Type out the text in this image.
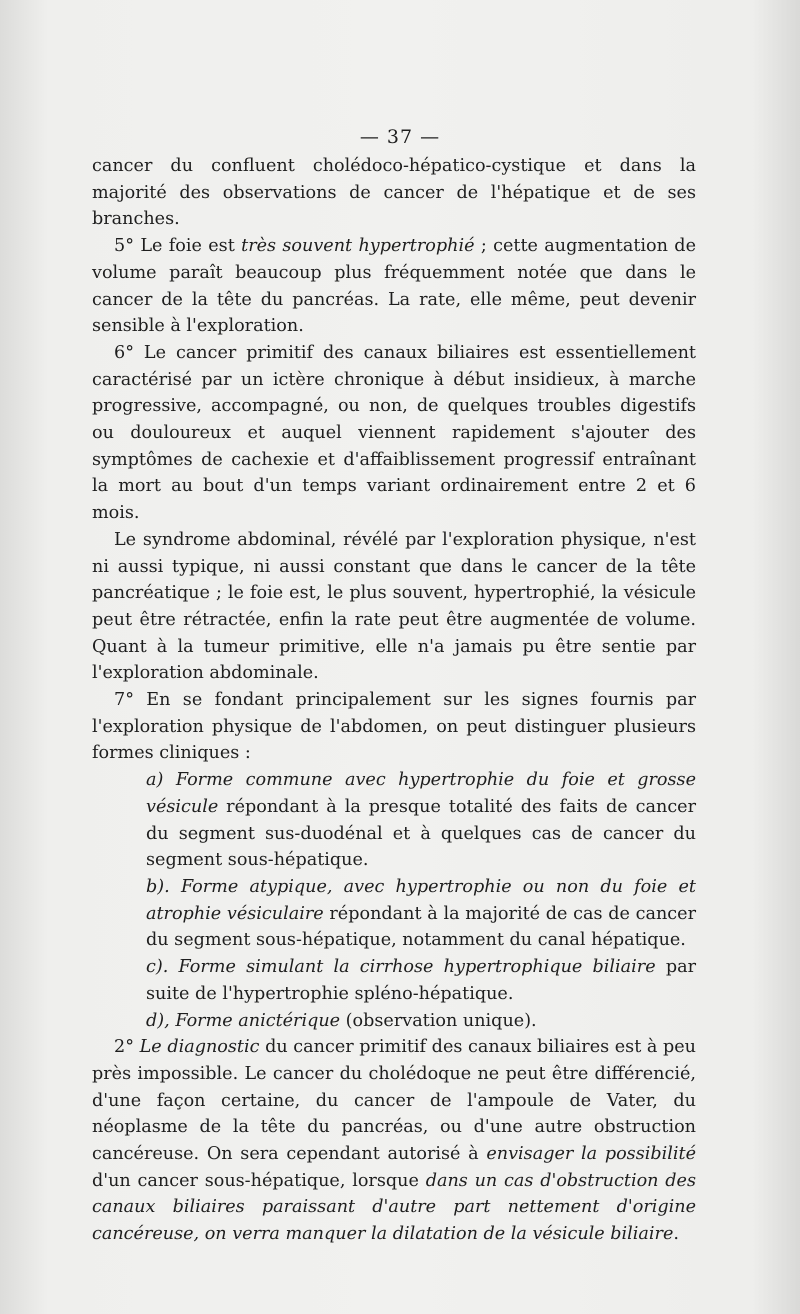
— 37 —

cancer du confluent cholédoco-hépatico-cystique et dans la majorité des observations de cancer de l'hépatique et de ses branches.

5° Le foie est très souvent hypertrophié ; cette augmentation de volume paraît beaucoup plus fréquemment notée que dans le cancer de la tête du pancréas. La rate, elle même, peut devenir sensible à l'exploration.

6° Le cancer primitif des canaux biliaires est essentiellement caractérisé par un ictère chronique à début insidieux, à marche progressive, accompagné, ou non, de quelques troubles digestifs ou douloureux et auquel viennent rapidement s'ajouter des symptômes de cachexie et d'affaiblissement progressif entraînant la mort au bout d'un temps variant ordinairement entre 2 et 6 mois.

Le syndrome abdominal, révélé par l'exploration physique, n'est ni aussi typique, ni aussi constant que dans le cancer de la tête pancréatique ; le foie est, le plus souvent, hypertrophié, la vésicule peut être rétractée, enfin la rate peut être augmentée de volume. Quant à la tumeur primitive, elle n'a jamais pu être sentie par l'exploration abdominale.

7° En se fondant principalement sur les signes fournis par l'exploration physique de l'abdomen, on peut distinguer plusieurs formes cliniques :

a) Forme commune avec hypertrophie du foie et grosse vésicule répondant à la presque totalité des faits de cancer du segment sus-duodénal et à quelques cas de cancer du segment sous-hépatique.

b). Forme atypique, avec hypertrophie ou non du foie et atrophie vésiculaire répondant à la majorité de cas de cancer du segment sous-hépatique, notamment du canal hépatique.

c). Forme simulant la cirrhose hypertrophique biliaire par suite de l'hypertrophie spléno-hépatique.

d), Forme anictérique (observation unique).

2° Le diagnostic du cancer primitif des canaux biliaires est à peu près impossible. Le cancer du cholédoque ne peut être différencié, d'une façon certaine, du cancer de l'ampoule de Vater, du néoplasme de la tête du pancréas, ou d'une autre obstruction cancéreuse. On sera cependant autorisé à envisager la possibilité d'un cancer sous-hépatique, lorsque dans un cas d'obstruction des canaux biliaires paraissant d'autre part nettement d'origine cancéreuse, on verra manquer la dilatation de la vésicule biliaire.
